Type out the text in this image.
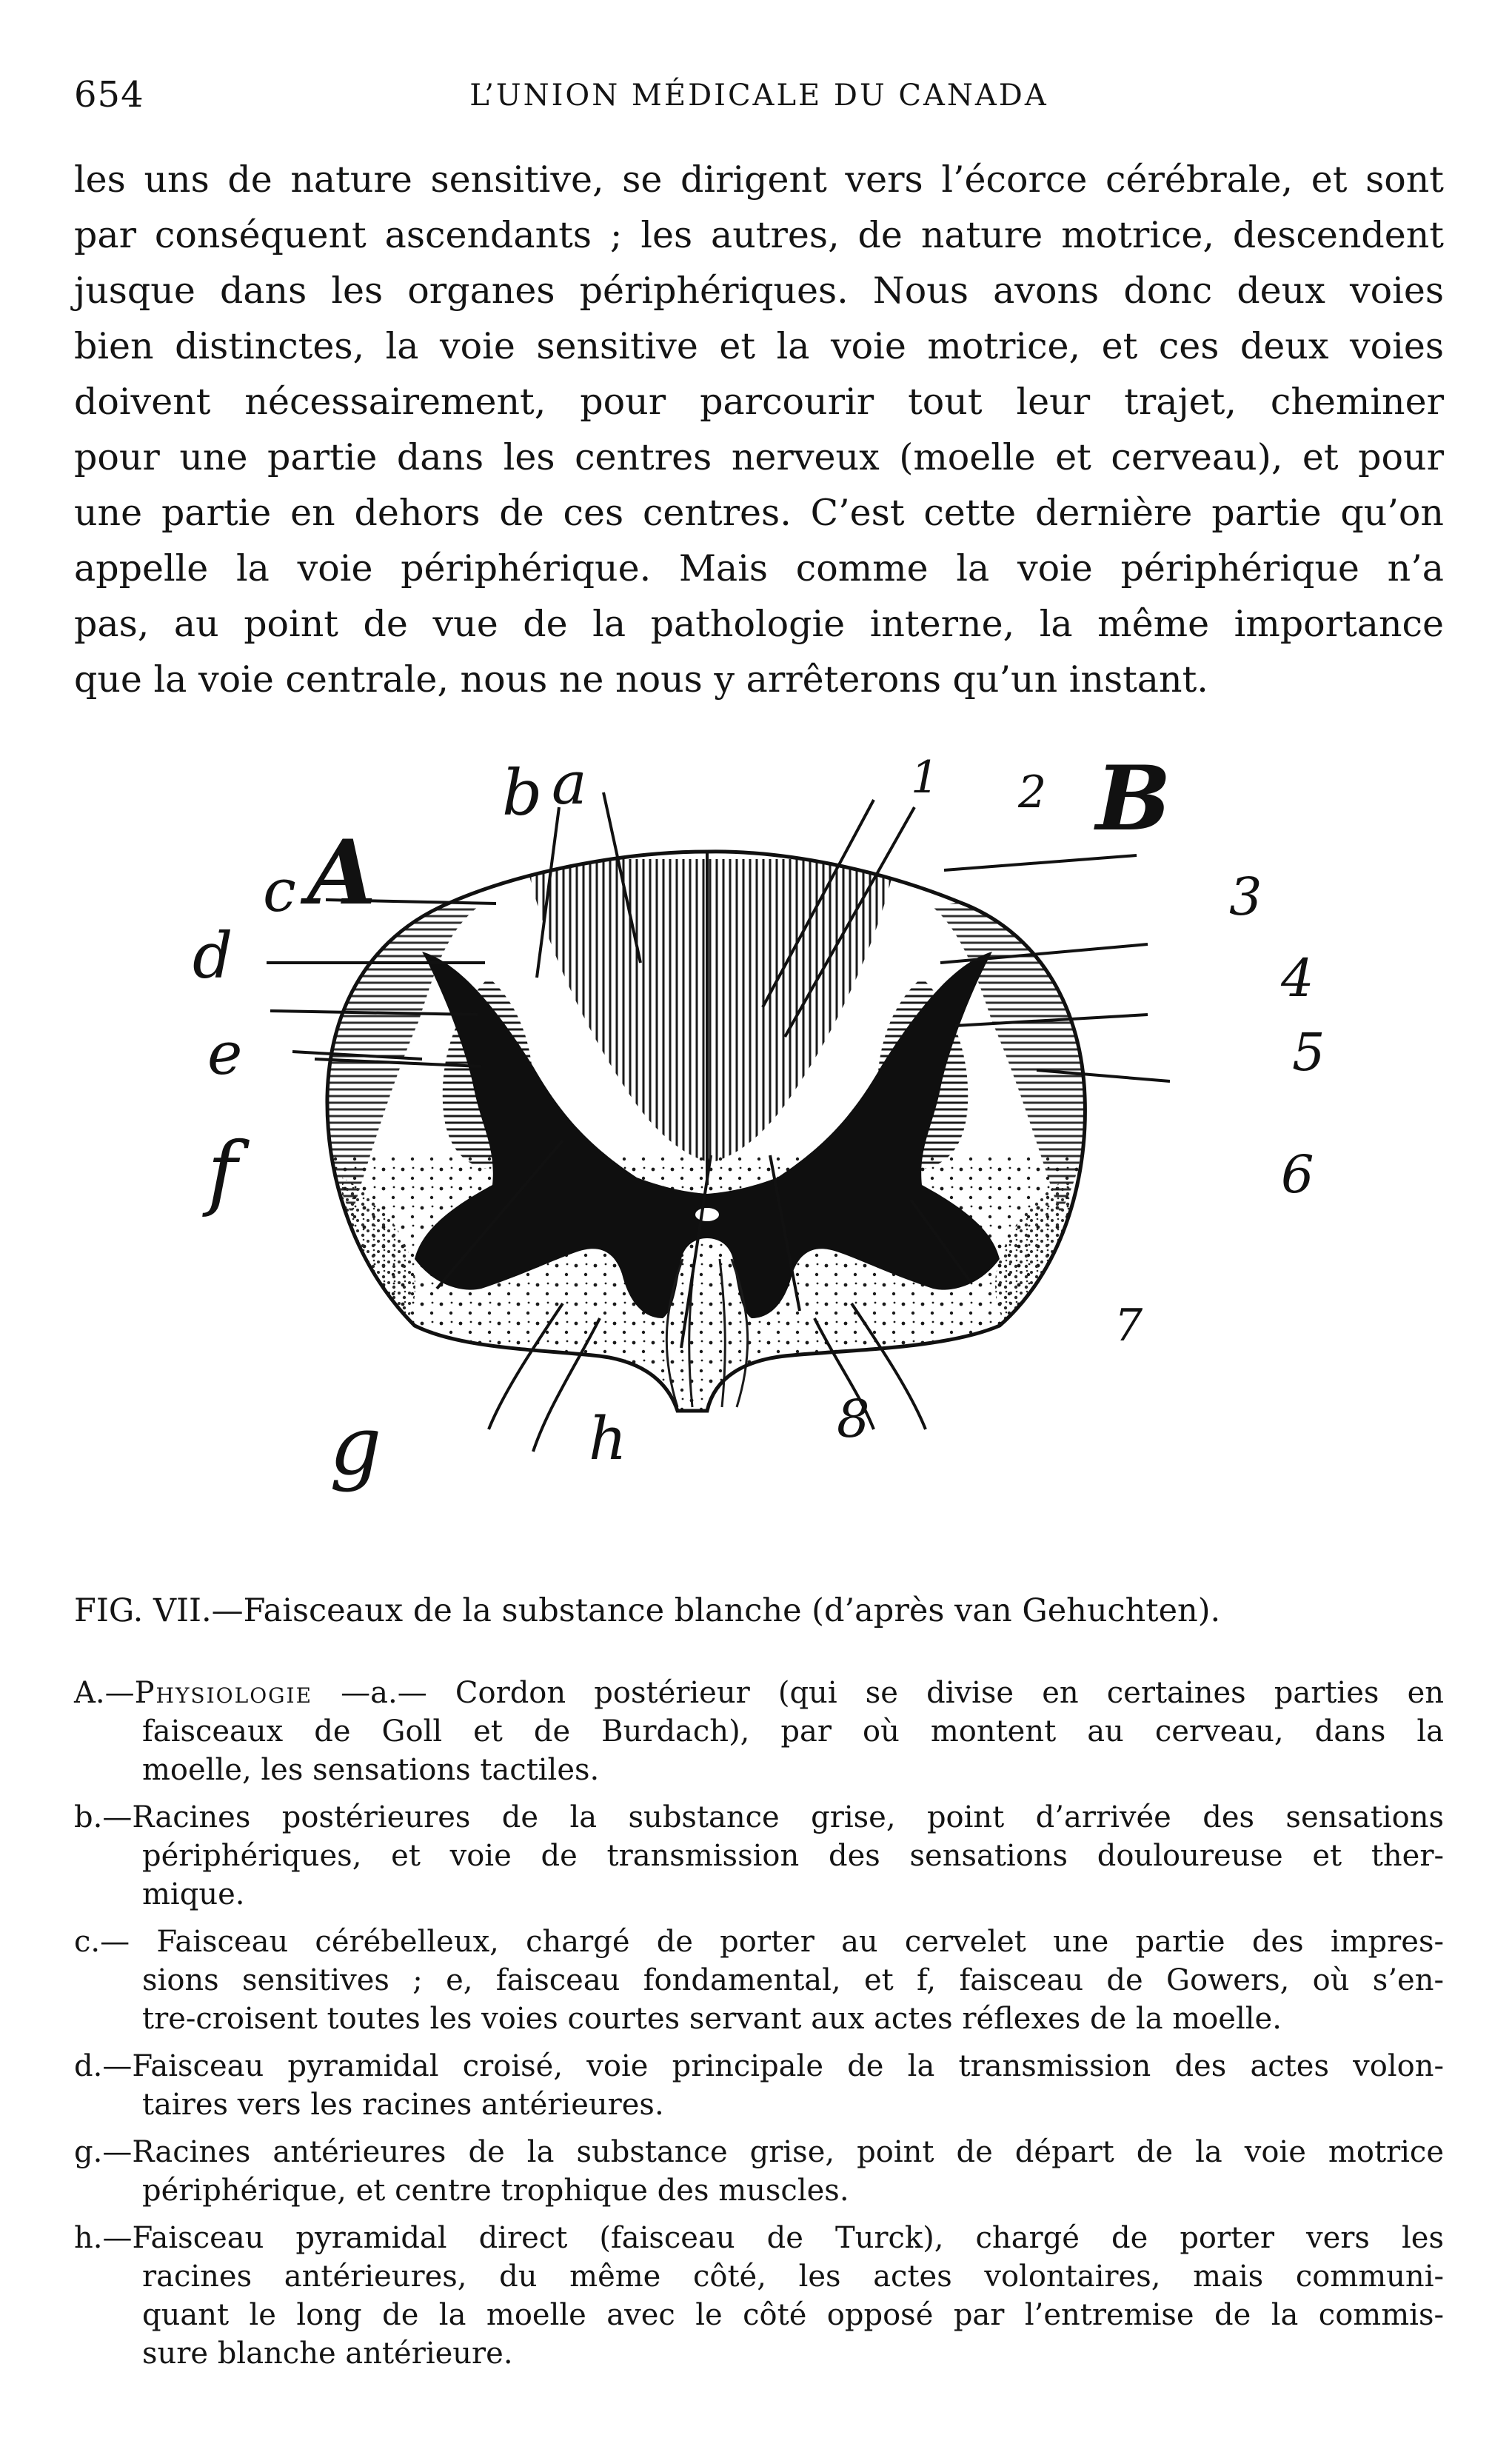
654	L’UNION MÉDICALE DU CANADA
les uns de nature sensitive, se dirigent vers l’écorce cérébrale, et sont
par conséquent ascendants ; les autres, de nature motrice, descendent
jusque dans les organes périphériques. Nous avons donc deux voies
bien distinctes, la voie sensitive et la voie motrice, et ces deux voies
doivent nécessairement, pour parcourir tout leur trajet, cheminer
pour une partie dans les centres nerveux (moelle et cerveau), et pour
une partie en dehors de ces centres. C’est cette dernière partie qu’on
appelle la voie périphérique. Mais comme la voie périphérique n’a
pas, au point de vue de la pathologie interne, la même importance
que la voie centrale, nous ne nous y arrêterons qu’un instant.
A
B
a
b
c
d
e
f
g	h
1 2
3
4
5
6
7
8
FIG. VII.—Faisceaux de la substance blanche (d’après van Gehuchten).
A.—Physiologie —a.— Cordon postérieur (qui se divise en certaines parties en
faisceaux de Goll et de Burdach), par où montent au cerveau, dans la
moelle, les sensations tactiles.
b.—Racines postérieures de la substance grise, point d’arrivée des sensations
périphériques, et voie de transmission des sensations douloureuse et ther-
mique.
c.— Faisceau cérébelleux, chargé de porter au cervelet une partie des impres-
sions sensitives ; e, faisceau fondamental, et f, faisceau de Gowers, où s’en-
tre-croisent toutes les voies courtes servant aux actes réflexes de la moelle.
d.—Faisceau pyramidal croisé, voie principale de la transmission des actes volon-
taires vers les racines antérieures.
g.—Racines antérieures de la substance grise, point de départ de la voie motrice
périphérique, et centre trophique des muscles.
h.—Faisceau pyramidal direct (faisceau de Turck), chargé de porter vers les
racines antérieures, du même côté, les actes volontaires, mais communi-
quant le long de la moelle avec le côté opposé par l’entremise de la commis-
sure blanche antérieure.
